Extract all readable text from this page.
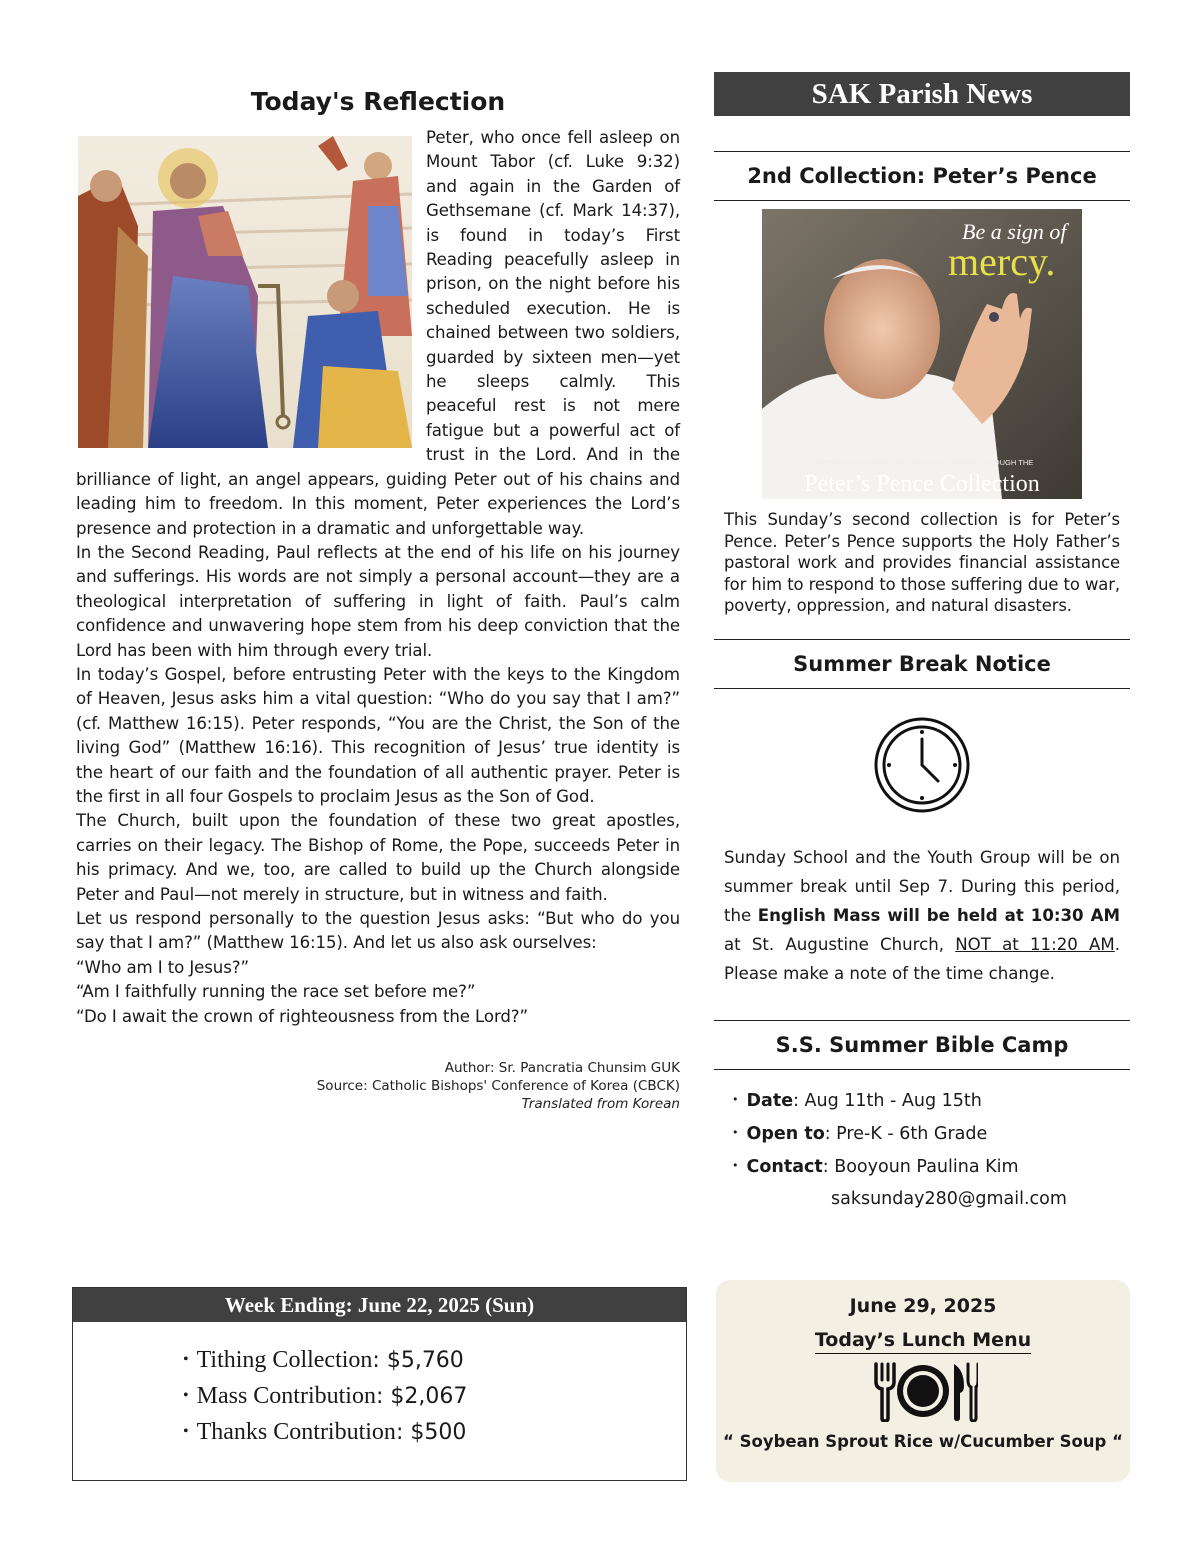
Today's Reflection

Peter, who once fell asleep on Mount Tabor (cf. Luke 9:32) and again in the Garden of Gethsemane (cf. Mark 14:37), is found in today’s First Reading peacefully asleep in prison, on the night before his scheduled execution. He is chained between two soldiers, guarded by sixteen men—yet he sleeps calmly. This peaceful rest is not mere fatigue but a powerful act of trust in the Lord. And in the brilliance of light, an angel appears, guiding Peter out of his chains and leading him to freedom. In this moment, Peter experiences the Lord’s presence and protection in a dramatic and unforgettable way.

In the Second Reading, Paul reflects at the end of his life on his journey and sufferings. His words are not simply a personal account—they are a theological interpretation of suffering in light of faith. Paul’s calm confidence and unwavering hope stem from his deep conviction that the Lord has been with him through every trial.

In today’s Gospel, before entrusting Peter with the keys to the Kingdom of Heaven, Jesus asks him a vital question: “Who do you say that I am?” (cf. Matthew 16:15). Peter responds, “You are the Christ, the Son of the living God” (Matthew 16:16). This recognition of Jesus’ true identity is the heart of our faith and the foundation of all authentic prayer. Peter is the first in all four Gospels to proclaim Jesus as the Son of God.

The Church, built upon the foundation of these two great apostles, carries on their legacy. The Bishop of Rome, the Pope, succeeds Peter in his primacy. And we, too, are called to build up the Church alongside Peter and Paul—not merely in structure, but in witness and faith.

Let us respond personally to the question Jesus asks: “But who do you say that I am?” (Matthew 16:15). And let us also ask ourselves:

“Who am I to Jesus?”

“Am I faithfully running the race set before me?”

“Do I await the crown of righteousness from the Lord?”

Author: Sr. Pancratia Chunsim GUK
Source: Catholic Bishops' Conference of Korea (CBCK)
Translated from Korean
Week Ending: June 22, 2025 (Sun)
• Tithing Collection: $5,760
• Mass Contribution: $2,067
• Thanks Contribution: $500
SAK Parish News
2nd Collection: Peter’s Pence
Be a sign of
mercy.
SUPPORT THE WORKS OF THE HOLY FATHER THROUGH THE
Peter’s Pence Collection
This Sunday’s second collection is for Peter’s Pence. Peter’s Pence supports the Holy Father’s pastoral work and provides financial assistance for him to respond to those suffering due to war, poverty, oppression, and natural disasters.
Summer Break Notice
Sunday School and the Youth Group will be on summer break until Sep 7. During this period, the English Mass will be held at 10:30 AM at St. Augustine Church, NOT at 11:20 AM. Please make a note of the time change.
S.S. Summer Bible Camp
• Date: Aug 11th - Aug 15th
• Open to: Pre-K - 6th Grade
• Contact: Booyoun Paulina Kim
saksunday280@gmail.com
June 29, 2025
Today’s Lunch Menu
“ Soybean Sprout Rice w/Cucumber Soup “
